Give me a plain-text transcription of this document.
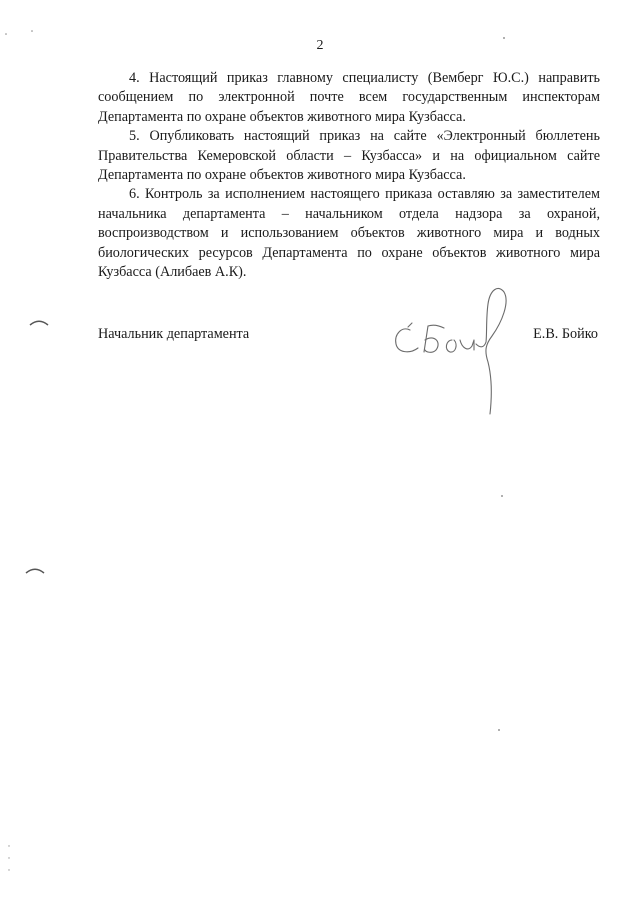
2

4. Настоящий приказ главному специалисту (Вемберг Ю.С.) направить сообщением по электронной почте всем государственным инспекторам Департамента по охране объектов животного мира Кузбасса.

5. Опубликовать настоящий приказ на сайте «Электронный бюллетень Правительства Кемеровской области – Кузбасса» и на официальном сайте Департамента по охране объектов животного мира Кузбасса.

6. Контроль за исполнением настоящего приказа оставляю за заместителем начальника департамента – начальником отдела надзора за охраной, воспроизводством и использованием объектов животного мира и водных биологических ресурсов Департамента по охране объектов животного мира Кузбасса (Алибаев А.К).

Начальник департамента	Е.В. Бойко
